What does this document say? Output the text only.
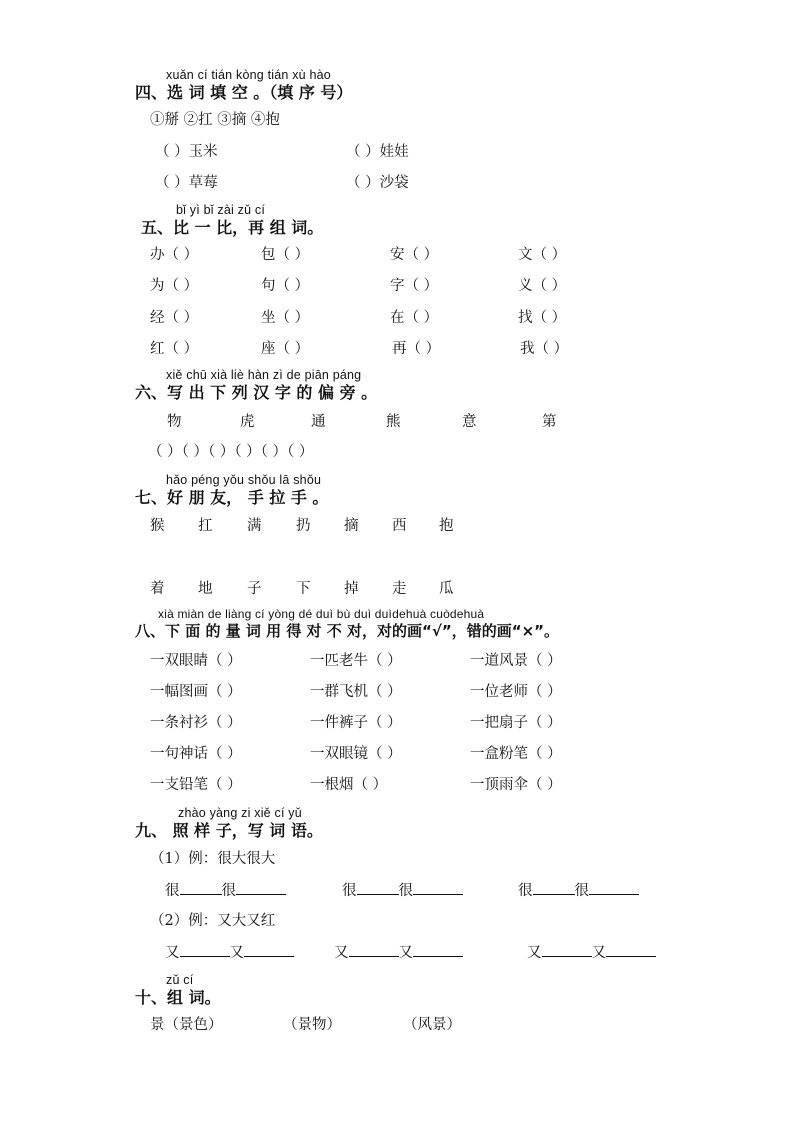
xuǎn cí tián kòng tián xù hào
四、选 词 填 空 。（填 序 号）
①掰 ②扛 ③摘 ④抱
（ ）玉米	（ ）娃娃
（ ）草莓	（ ）沙袋
bǐ yì bǐ zài zǔ cí
五、比 一 比，再 组 词。
办（ ）	包（ ）	安（ ）	文（ ）
为（ ）	句（ ）	字（ ）	义（ ）
经（ ）	坐（ ）	在（ ）	找（ ）
红（ ）	座（ ）	再（ ）	我（ ）
xiě chū xià liè hàn zì de piān páng
六、写 出 下 列 汉 字 的 偏 旁 。
物	虎	通	熊	意	第
（ ）（ ）（ ）（ ）（ ）（ ）
hǎo péng yǒu shǒu lā shǒu
七、好 朋 友， 手 拉 手 。
猴 扛 满 扔 摘 西 抱
着 地 子 下 掉 走 瓜
xià miàn de liàng cí yòng dé duì bù duì duìdehuà cuòdehuà
八、下 面 的 量 词 用 得 对 不 对，对的画“√”，错的画“×”。
一双眼睛（ ）	一匹老牛（ ）	一道风景（ ）
一幅图画（ ）	一群飞机（ ）	一位老师（ ）
一条衬衫（ ）	一件裤子（ ）	一把扇子（ ）
一句神话（ ）	一双眼镜（ ）	一盒粉笔（ ）
一支铅笔（ ）	一根烟（ ）	一顶雨伞（ ）
zhào yàng zi xiě cí yǔ
九、 照 样 子，写 词 语。
（1）例：很大很大
很	很	很	很	很	很
（2）例：又大又红
又	又	又	又	又	又
zǔ cí
十、组 词。
景（景色）	（景物）	（风景）
